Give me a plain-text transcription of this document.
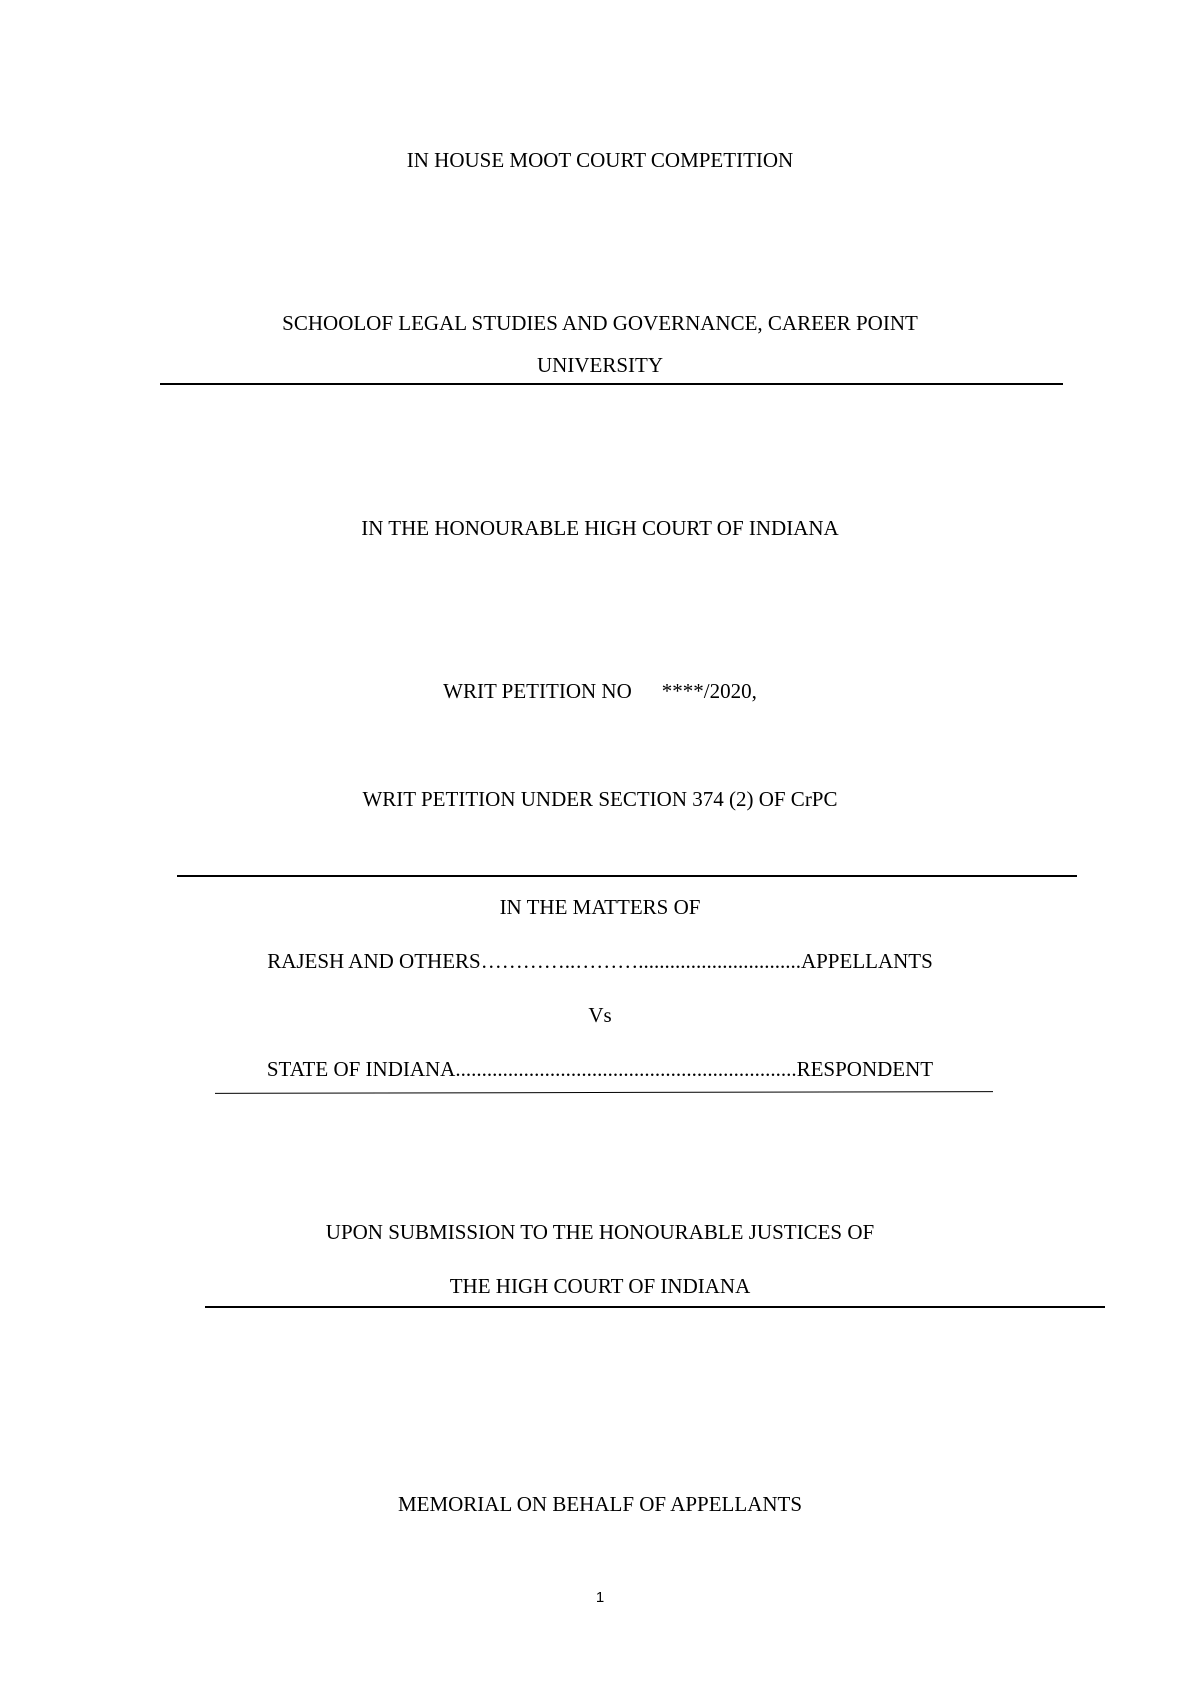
IN HOUSE MOOT COURT COMPETITION
SCHOOLOF LEGAL STUDIES AND GOVERNANCE, CAREER POINT
UNIVERSITY
IN THE HONOURABLE HIGH COURT OF INDIANA
WRIT PETITION NO ****/2020,
WRIT PETITION UNDER SECTION 374 (2) OF CrPC
IN THE MATTERS OF
RAJESH AND OTHERS…………..………...............................APPELLANTS
Vs
STATE OF INDIANA.................................................................RESPONDENT
UPON SUBMISSION TO THE HONOURABLE JUSTICES OF
THE HIGH COURT OF INDIANA
MEMORIAL ON BEHALF OF APPELLANTS
1
